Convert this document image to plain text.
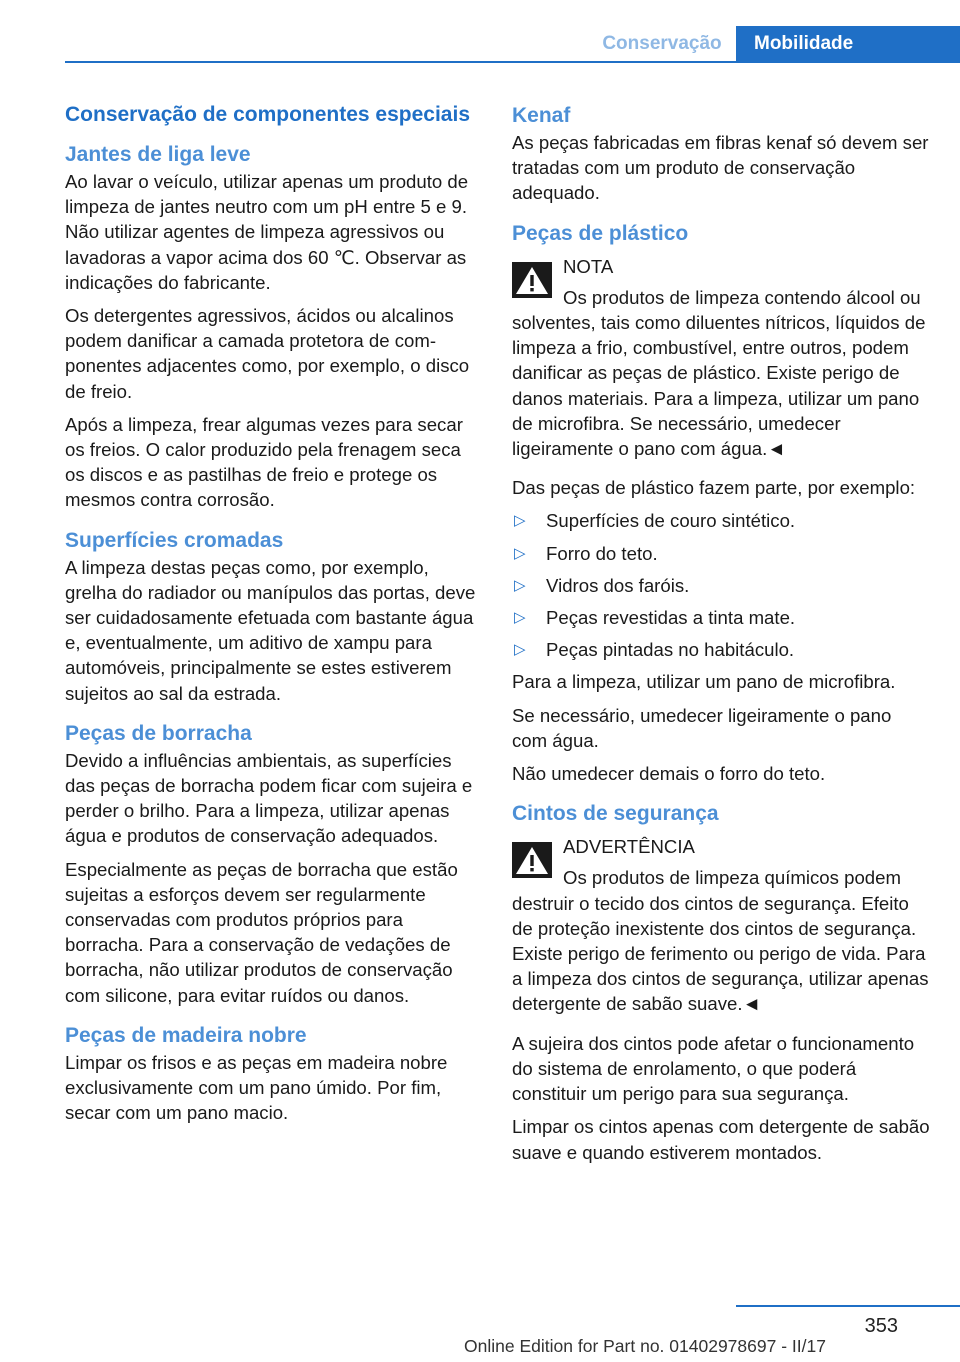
Conservação	Mobilidade
Conservação de componentes especiais
Jantes de liga leve

Ao lavar o veículo, utilizar apenas um produto de limpeza de jantes neutro com um pH entre 5 e 9. Não utilizar agentes de limpeza agressivos ou lavadoras a vapor acima dos 60 ℃. Observar as indicações do fabricante.

Os detergentes agressivos, ácidos ou alcalinos podem danificar a camada protetora de componentes adjacentes como, por exemplo, o disco de freio.

Após a limpeza, frear algumas vezes para secar os freios. O calor produzido pela frenagem seca os discos e as pastilhas de freio e protege os mesmos contra corrosão.

Superfícies cromadas

A limpeza destas peças como, por exemplo, grelha do radiador ou manípulos das portas, deve ser cuidadosamente efetuada com bastante água e, eventualmente, um aditivo de xampu para automóveis, principalmente se estes estiverem sujeitos ao sal da estrada.

Peças de borracha

Devido a influências ambientais, as superfícies das peças de borracha podem ficar com sujeira e perder o brilho. Para a limpeza, utilizar apenas água e produtos de conservação adequados.

Especialmente as peças de borracha que estão sujeitas a esforços devem ser regularmente conservadas com produtos próprios para borracha. Para a conservação de vedações de borracha, não utilizar produtos de conservação com silicone, para evitar ruídos ou danos.

Peças de madeira nobre

Limpar os frisos e as peças em madeira nobre exclusivamente com um pano úmido. Por fim, secar com um pano macio.

Kenaf

As peças fabricadas em fibras kenaf só devem ser tratadas com um produto de conservação adequado.

Peças de plástico
NOTA

Os produtos de limpeza contendo álcool ou solventes, tais como diluentes nítricos, líquidos de limpeza a frio, combustível, entre outros, podem danificar as peças de plástico. Existe perigo de danos materiais. Para a limpeza, utilizar um pano de microfibra. Se necessário, umedecer ligeiramente o pano com água.◄

Das peças de plástico fazem parte, por exemplo:

▷ Superfícies de couro sintético.
▷ Forro do teto.
▷ Vidros dos faróis.
▷ Peças revestidas a tinta mate.
▷ Peças pintadas no habitáculo.

Para a limpeza, utilizar um pano de microfibra.

Se necessário, umedecer ligeiramente o pano com água.

Não umedecer demais o forro do teto.

Cintos de segurança
ADVERTÊNCIA

Os produtos de limpeza químicos podem destruir o tecido dos cintos de segurança. Efeito de proteção inexistente dos cintos de segurança. Existe perigo de ferimento ou perigo de vida. Para a limpeza dos cintos de segurança, utilizar apenas detergente de sabão suave.◄

A sujeira dos cintos pode afetar o funcionamento do sistema de enrolamento, o que poderá constituir um perigo para sua segurança.

Limpar os cintos apenas com detergente de sabão suave e quando estiverem montados.

353
Online Edition for Part no. 01402978697 - II/17
